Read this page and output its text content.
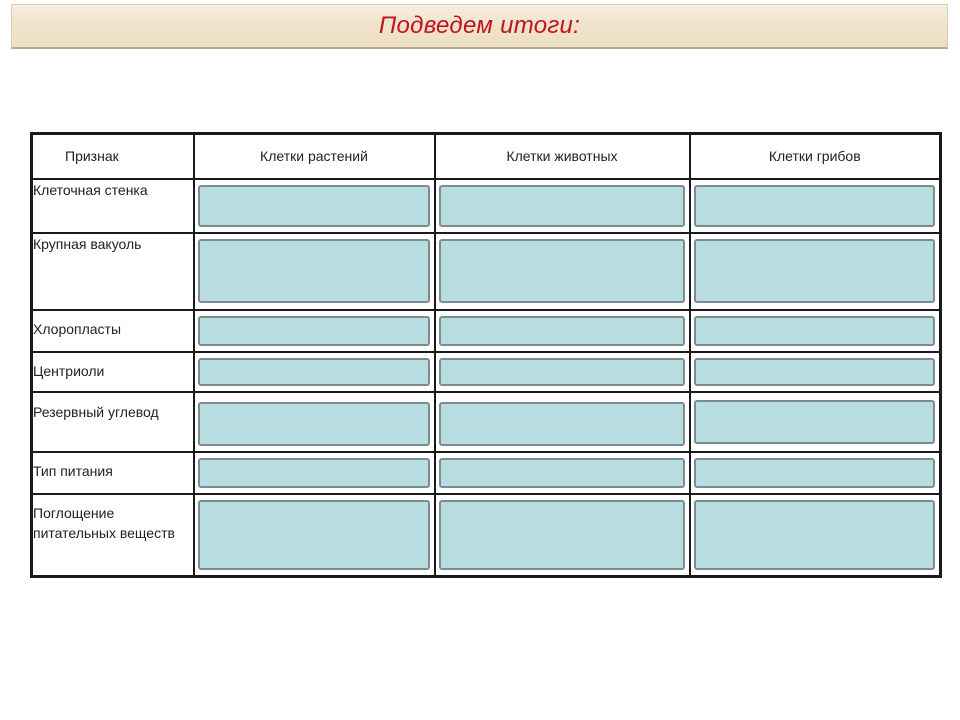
Подведем итоги:
Признак	Клетки растений	Клетки животных	Клетки грибов
Клеточная стенка	

Крупная вакуоль	

Хлоропласты	

Центриоли	

Резервный углевод	

Тип питания	

Поглощение питательных веществ	
